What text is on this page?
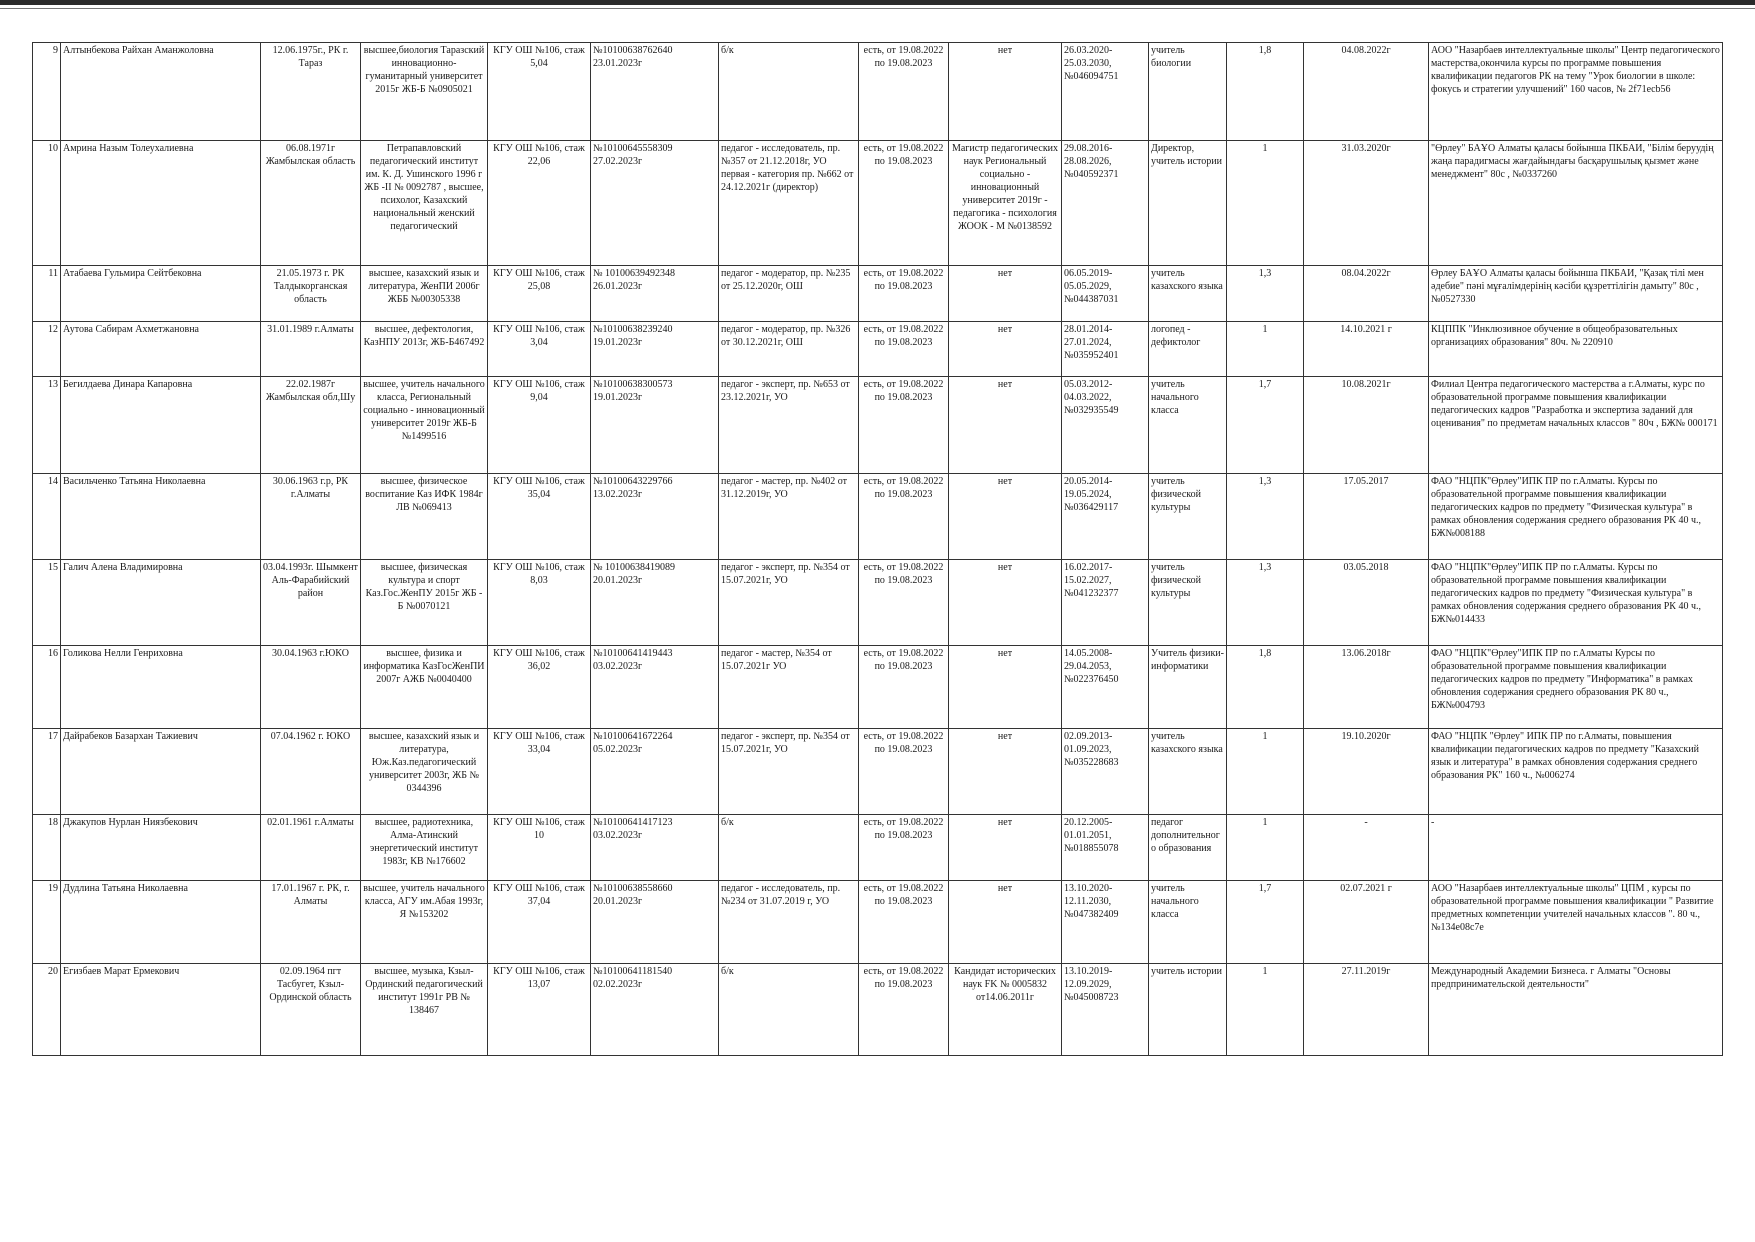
9	Алтынбекова Райхан Аманжоловна	12.06.1975г., РК г. Тараз	высшее,биология Таразский инновационно-гуманитарный университет 2015г ЖБ-Б №0905021	КГУ ОШ №106, стаж 5,04	№10100638762640 23.01.2023г	б/к	есть, от 19.08.2022 по 19.08.2023	нет	26.03.2020-25.03.2030, №046094751	учитель биологии	1,8	04.08.2022г	АОО "Назарбаев интеллектуальные школы" Центр педагогического мастерства,окончила курсы по программе повышения квалификации педагогов РК на тему "Урок биологии в школе: фокусь и стратегии улучшений" 160 часов, № 2f71ecb56
10	Амрина Назым Толеухалиевна	06.08.1971г Жамбылская область	Петрапавловский педагогический институт им. К. Д. Ушинского 1996 г ЖБ -II № 0092787 , высшее, психолог, Казахский национальный женский педагогический	КГУ ОШ №106, стаж 22,06	№10100645558309 27.02.2023г	педагог - исследователь, пр.№357 от 21.12.2018г, УО первая - категория пр. №662 от 24.12.2021г (директор)	есть, от 19.08.2022 по 19.08.2023	Магистр педагогических наук Региональный социально - инновационный университет 2019г - педагогика - психология ЖООК - М №0138592	29.08.2016-28.08.2026, №040592371	Директор, учитель истории	1	31.03.2020г	"Өрлеу" БАҰО Алматы қаласы бойынша ПКБАИ, "Білім беруудің жаңа парадигмасы жағдайындағы басқарушылық қызмет және менеджмент" 80с , №0337260
11	Атабаева Гульмира Сейтбековна	21.05.1973 г. РК Талдыкорганская область	высшее, казахский язык и литература, ЖенПИ 2006г ЖББ №00305338	КГУ ОШ №106, стаж 25,08	№ 10100639492348 26.01.2023г	педагог - модератор, пр. №235 от 25.12.2020г, ОШ	есть, от 19.08.2022 по 19.08.2023	нет	06.05.2019-05.05.2029, №044387031	учитель казахского языка	1,3	08.04.2022г	Өрлеу БАҰО Алматы қаласы бойынша ПКБАИ, "Қазақ тілі мен әдебие" пәні мұғалімдерінің кәсіби құзреттілігін дамыту" 80с , №0527330
12	Аутова Сабирам Ахметжановна	31.01.1989 г.Алматы	высшее, дефектология, КазНПУ 2013г, ЖБ-Б467492	КГУ ОШ №106, стаж 3,04	№10100638239240 19.01.2023г	педагог - модератор, пр. №326 от 30.12.2021г, ОШ	есть, от 19.08.2022 по 19.08.2023	нет	28.01.2014-27.01.2024, №035952401	логопед - дефиктолог	1	14.10.2021 г	КЦППК "Инклюзивное обучение в общеобразовательных организациях образования" 80ч. № 220910
13	Бегилдаева Динара Капаровна	22.02.1987г Жамбылская обл,Шу	высшее, учитель начального класса, Региональный социально - инновационный университет 2019г ЖБ-Б №1499516	КГУ ОШ №106, стаж 9,04	№10100638300573 19.01.2023г	педагог - эксперт, пр. №653 от 23.12.2021г, УО	есть, от 19.08.2022 по 19.08.2023	нет	05.03.2012-04.03.2022, №032935549	учитель начального класса	1,7	10.08.2021г	Филиал Центра педагогического мастерства а г.Алматы, курс по образовательной программе повышения квалификации педагогических кадров "Разработка и экспертиза заданий для оценивания" по предметам начальных классов " 80ч , БЖ№ 000171
14	Васильченко Татьяна Николаевна	30.06.1963 г.р, РК г.Алматы	высшее, физическое воспитание Каз ИФК 1984г ЛВ №069413	КГУ ОШ №106, стаж 35,04	№10100643229766 13.02.2023г	педагог - мастер, пр. №402 от 31.12.2019г, УО	есть, от 19.08.2022 по 19.08.2023	нет	20.05.2014-19.05.2024, №036429117	учитель физической культуры	1,3	17.05.2017	ФАО "НЦПК"Өрлеу"ИПК ПР по г.Алматы. Курсы по образовательной программе повышения квалификации педагогических кадров по предмету "Физическая культура" в рамках обновления содержания среднего образования РК 40 ч., БЖ№008188
15	Галич Алена Владимировна	03.04.1993г. Шымкент Аль-Фарабийский район	высшее, физическая культура и спорт Каз.Гос.ЖенПУ 2015г ЖБ - Б №0070121	КГУ ОШ №106, стаж 8,03	№ 10100638419089 20.01.2023г	педагог - эксперт, пр. №354 от 15.07.2021г, УО	есть, от 19.08.2022 по 19.08.2023	нет	16.02.2017-15.02.2027, №041232377	учитель физической культуры	1,3	03.05.2018	ФАО "НЦПК"Өрлеу"ИПК ПР по г.Алматы. Курсы по образовательной программе повышения квалификации педагогических кадров по предмету "Физическая культура" в рамках обновления содержания среднего образования РК 40 ч., БЖ№014433
16	Голикова Нелли Генриховна	30.04.1963 г.ЮКО	высшее, физика и информатика КазГосЖенПИ 2007г АЖБ №0040400	КГУ ОШ №106, стаж 36,02	№10100641419443 03.02.2023г	педагог - мастер, №354 от 15.07.2021г УО	есть, от 19.08.2022 по 19.08.2023	нет	14.05.2008-29.04.2053, №022376450	Учитель физики-информатики	1,8	13.06.2018г	ФАО "НЦПК"Өрлеу"ИПК ПР по г.Алматы Курсы по образовательной программе повышения квалификации педагогических кадров по предмету "Информатика" в рамках обновления содержания среднего образования РК 80 ч., БЖ№004793
17	Дайрабеков Базархан Тажиевич	07.04.1962 г. ЮКО	высшее, казахский язык и литература, Юж.Каз.педагогический университет 2003г, ЖБ № 0344396	КГУ ОШ №106, стаж 33,04	№10100641672264 05.02.2023г	педагог - эксперт, пр. №354 от 15.07.2021г, УО	есть, от 19.08.2022 по 19.08.2023	нет	02.09.2013-01.09.2023, №035228683	учитель казахского языка	1	19.10.2020г	ФАО "НЦПК "Өрлеу" ИПК ПР по г.Алматы, повышения квалификации педагогических кадров по предмету "Казахский язык и литература" в рамках обновления содержания среднего образования РК" 160 ч., №006274
18	Джакупов Нурлан Ниязбекович	02.01.1961 г.Алматы	высшее, радиотехника, Алма-Атинский энергетический институт 1983г, КВ №176602	КГУ ОШ №106, стаж 10	№10100641417123 03.02.2023г	б/к	есть, от 19.08.2022 по 19.08.2023	нет	20.12.2005-01.01.2051, №018855078	педагог дополнительного образования	1	-	-
19	Дудлина Татьяна Николаевна	17.01.1967 г. РК, г. Алматы	высшее, учитель начального класса, АГУ им.Абая 1993г, Я №153202	КГУ ОШ №106, стаж 37,04	№10100638558660 20.01.2023г	педагог - исследователь, пр.№234 от 31.07.2019 г, УО	есть, от 19.08.2022 по 19.08.2023	нет	13.10.2020-12.11.2030, №047382409	учитель начального класса	1,7	02.07.2021 г	АОО "Назарбаев интеллектуальные школы" ЦПМ , курсы по образовательной программе повышения квалификации " Развитие предметных компетенции учителей начальных классов ". 80 ч., №134e08c7e
20	Егизбаев Марат Ермекович	02.09.1964 пгт Тасбугет, Кзыл-Ординской область	высшее, музыка, Кзыл- Ординский педагогический институт 1991г РВ № 138467	КГУ ОШ №106, стаж 13,07	№10100641181540 02.02.2023г	б/к	есть, от 19.08.2022 по 19.08.2023	Кандидат исторических наук FK № 0005832 от14.06.2011г	13.10.2019-12.09.2029, №045008723	учитель истории	1	27.11.2019г	Международный Академии Бизнеса. г Алматы "Основы предпринимательской деятельности"
